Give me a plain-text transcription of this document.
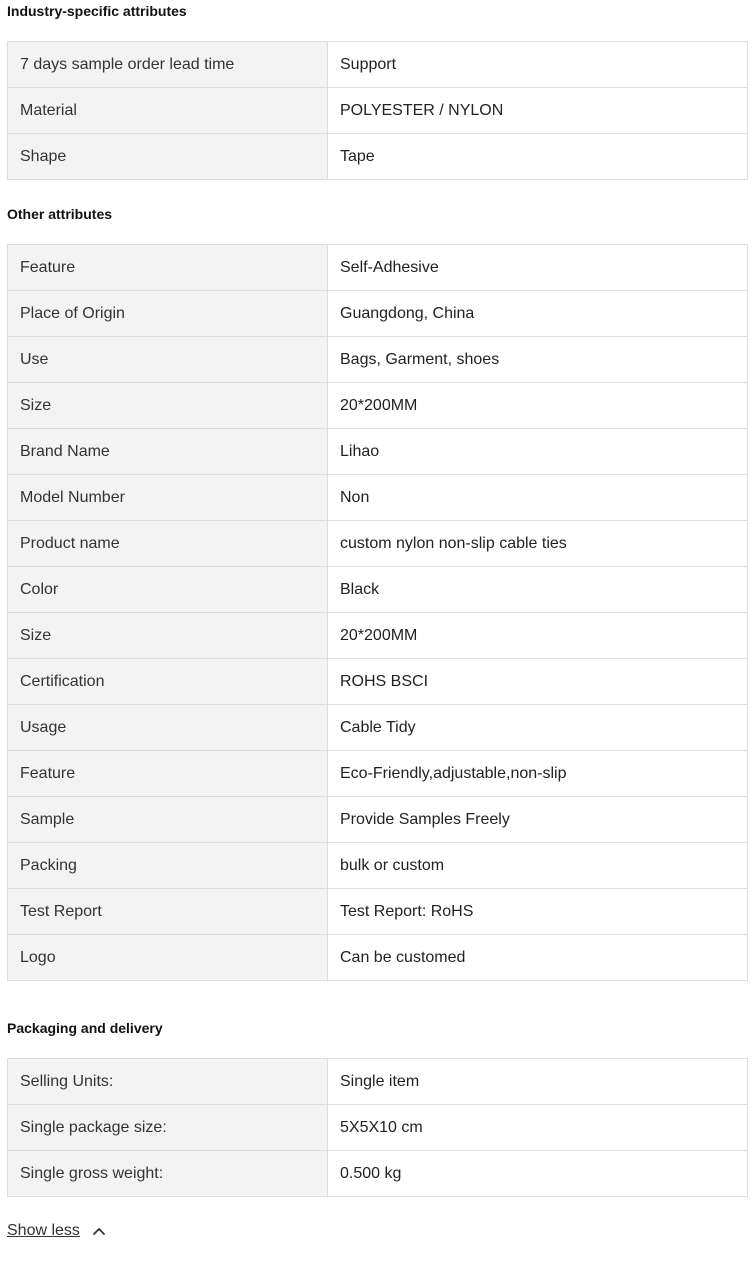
Industry-specific attributes
7 days sample order lead time	Support
Material	POLYESTER / NYLON
Shape	Tape
Other attributes
Feature	Self-Adhesive
Place of Origin	Guangdong, China
Use	Bags, Garment, shoes
Size	20*200MM
Brand Name	Lihao
Model Number	Non
Product name	custom nylon non-slip cable ties
Color	Black
Size	20*200MM
Certification	ROHS BSCI
Usage	Cable Tidy
Feature	Eco-Friendly,adjustable,non-slip
Sample	Provide Samples Freely
Packing	bulk or custom
Test Report	Test Report: RoHS
Logo	Can be customed
Packaging and delivery
Selling Units:	Single item
Single package size:	5X5X10 cm
Single gross weight:	0.500 kg
Show less
